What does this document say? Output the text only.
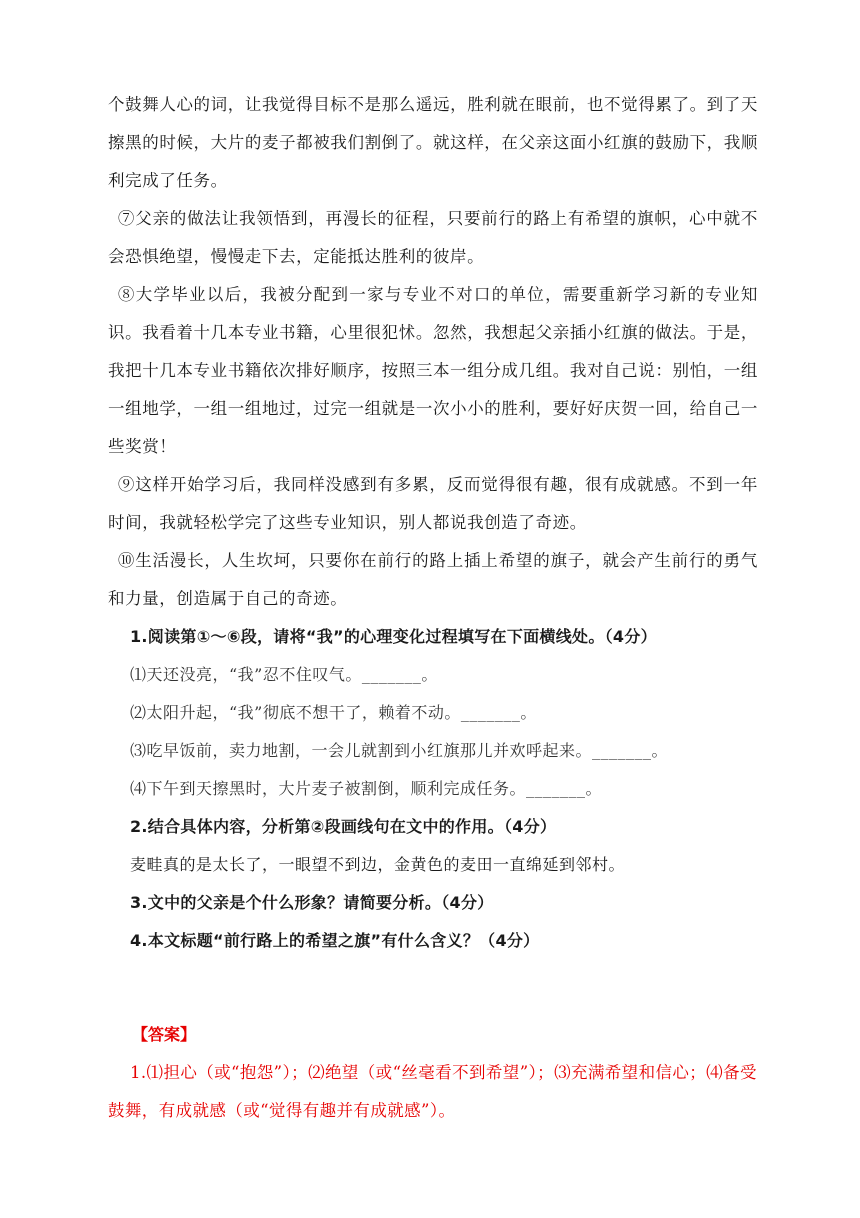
个鼓舞人心的词，让我觉得目标不是那么遥远，胜利就在眼前，也不觉得累了。到了天擦黑的时候，大片的麦子都被我们割倒了。就这样，在父亲这面小红旗的鼓励下，我顺利完成了任务。

⑦父亲的做法让我领悟到，再漫长的征程，只要前行的路上有希望的旗帜，心中就不会恐惧绝望，慢慢走下去，定能抵达胜利的彼岸。

⑧大学毕业以后，我被分配到一家与专业不对口的单位，需要重新学习新的专业知识。我看着十几本专业书籍，心里很犯怵。忽然，我想起父亲插小红旗的做法。于是，我把十几本专业书籍依次排好顺序，按照三本一组分成几组。我对自己说：别怕，一组一组地学，一组一组地过，过完一组就是一次小小的胜利，要好好庆贺一回，给自己一些奖赏！

⑨这样开始学习后，我同样没感到有多累，反而觉得很有趣，很有成就感。不到一年时间，我就轻松学完了这些专业知识，别人都说我创造了奇迹。

⑩生活漫长，人生坎坷，只要你在前行的路上插上希望的旗子，就会产生前行的勇气和力量，创造属于自己的奇迹。

1.阅读第①～⑥段，请将“我”的心理变化过程填写在下面横线处。（4分）

⑴天还没亮，“我”忍不住叹气。_______。

⑵太阳升起，“我”彻底不想干了，赖着不动。_______。

⑶吃早饭前，卖力地割，一会儿就割到小红旗那儿并欢呼起来。_______。

⑷下午到天擦黑时，大片麦子被割倒，顺利完成任务。_______。

2.结合具体内容，分析第②段画线句在文中的作用。（4分）

麦畦真的是太长了，一眼望不到边，金黄色的麦田一直绵延到邻村。

3.文中的父亲是个什么形象？请简要分析。（4分）

4.本文标题“前行路上的希望之旗”有什么含义？（4分）

【答案】

1.⑴担心（或“抱怨”）；⑵绝望（或“丝毫看不到希望”）；⑶充满希望和信心；⑷备受鼓舞，有成就感（或“觉得有趣并有成就感”）。
